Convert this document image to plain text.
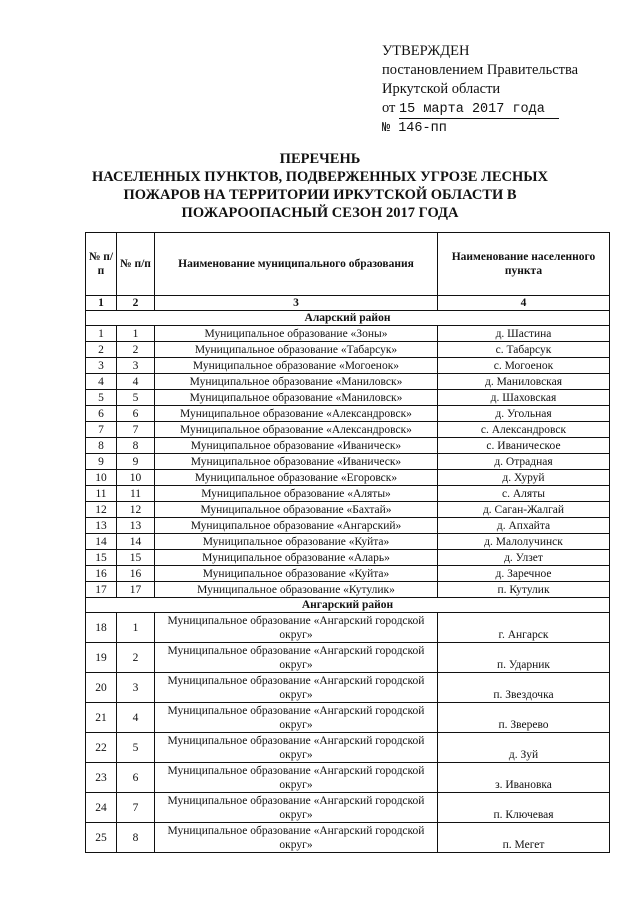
УТВЕРЖДЕН
постановлением Правительства
Иркутской области
от 15 марта 2017 года
№ 146-пп
ПЕРЕЧЕНЬ
НАСЕЛЕННЫХ ПУНКТОВ, ПОДВЕРЖЕННЫХ УГРОЗЕ ЛЕСНЫХ
ПОЖАРОВ НА ТЕРРИТОРИИ ИРКУТСКОЙ ОБЛАСТИ В
ПОЖАРООПАСНЫЙ СЕЗОН 2017 ГОДА
№ п/п	№ п/п	Наименование муниципального образования	Наименование населенного пункта
1	2	3	4
Аларский район			
1	1	Муниципальное образование «Зоны»	д. Шастина
2	2	Муниципальное образование «Табарсук»	с. Табарсук
3	3	Муниципальное образование «Могоенок»	с. Могоенок
4	4	Муниципальное образование «Маниловск»	д. Маниловская
5	5	Муниципальное образование «Маниловск»	д. Шаховская
6	6	Муниципальное образование «Александровск»	д. Угольная
7	7	Муниципальное образование «Александровск»	с. Александровск
8	8	Муниципальное образование «Иваническ»	с. Иваническое
9	9	Муниципальное образование «Иваническ»	д. Отрадная
10	10	Муниципальное образование «Егоровск»	д. Хуруй
11	11	Муниципальное образование «Аляты»	с. Аляты
12	12	Муниципальное образование «Бахтай»	д. Саган-Жалгай
13	13	Муниципальное образование «Ангарский»	д. Апхайта
14	14	Муниципальное образование «Куйта»	д. Малолучинск
15	15	Муниципальное образование «Аларь»	д. Улзет
16	16	Муниципальное образование «Куйта»	д. Заречное
17	17	Муниципальное образование «Кутулик»	п. Кутулик
Ангарский район			
18	1	Муниципальное образование «Ангарский городской округ»	г. Ангарск
19	2	Муниципальное образование «Ангарский городской округ»	п. Ударник
20	3	Муниципальное образование «Ангарский городской округ»	п. Звездочка
21	4	Муниципальное образование «Ангарский городской округ»	п. Зверево
22	5	Муниципальное образование «Ангарский городской округ»	д. Зуй
23	6	Муниципальное образование «Ангарский городской округ»	з. Ивановка
24	7	Муниципальное образование «Ангарский городской округ»	п. Ключевая
25	8	Муниципальное образование «Ангарский городской округ»	п. Мегет
